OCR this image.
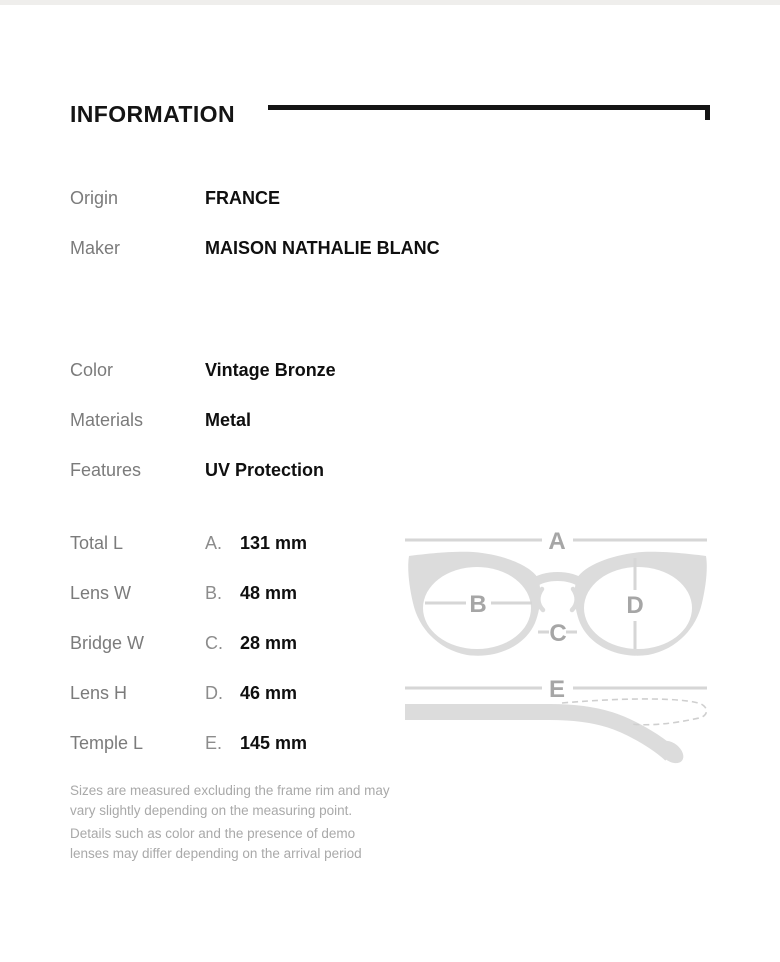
INFORMATION
Origin	FRANCE
Maker	MAISON NATHALIE BLANC
Color	Vintage Bronze
Materials	Metal
Features	UV Protection
Total L	A. 131 mm
Lens W	B. 48 mm
Bridge W	C. 28 mm
Lens H	D. 46 mm
Temple L	E. 145 mm
A
B
C
D
E
Sizes are measured excluding the frame rim and may
vary slightly depending on the measuring point.
Details such as color and the presence of demo
lenses may differ depending on the arrival period
